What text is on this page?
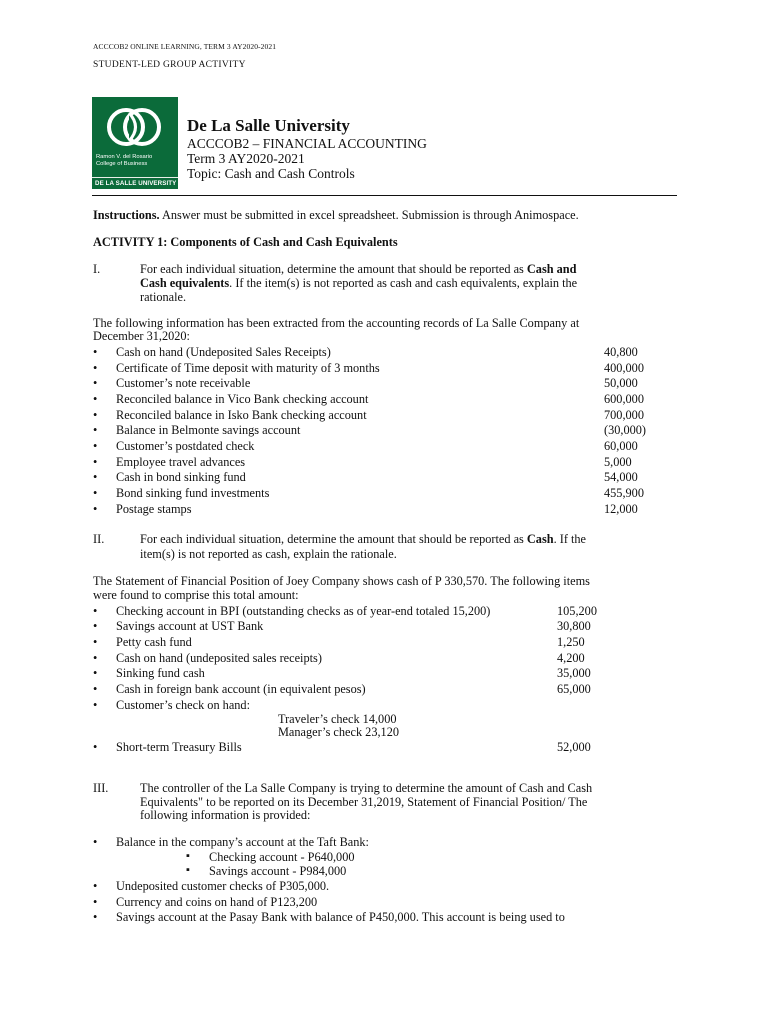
ACCCOB2 ONLINE LEARNING, TERM 3 AY2020-2021
STUDENT-LED GROUP ACTIVITY
Ramon V. del Rosario College of Business
DE LA SALLE UNIVERSITY
De La Salle University
ACCCOB2 – FINANCIAL ACCOUNTING
Term 3 AY2020-2021
Topic: Cash and Cash Controls
Instructions. Answer must be submitted in excel spreadsheet. Submission is through Animospace.
ACTIVITY 1: Components of Cash and Cash Equivalents
I.	For each individual situation, determine the amount that should be reported as Cash and
Cash equivalents. If the item(s) is not reported as cash and cash equivalents, explain the
rationale.
The following information has been extracted from the accounting records of La Salle Company at
December 31,2020:
• Cash on hand (Undeposited Sales Receipts)	40,800
• Certificate of Time deposit with maturity of 3 months	400,000
• Customer’s note receivable	50,000
• Reconciled balance in Vico Bank checking account	600,000
• Reconciled balance in Isko Bank checking account	700,000
• Balance in Belmonte savings account	(30,000)
• Customer’s postdated check	60,000
• Employee travel advances	5,000
• Cash in bond sinking fund	54,000
• Bond sinking fund investments	455,900
• Postage stamps	12,000
II.	For each individual situation, determine the amount that should be reported as Cash. If the
item(s) is not reported as cash, explain the rationale.
The Statement of Financial Position of Joey Company shows cash of P 330,570. The following items
were found to comprise this total amount:
• Checking account in BPI (outstanding checks as of year-end totaled 15,200)	105,200
• Savings account at UST Bank	30,800
• Petty cash fund	1,250
• Cash on hand (undeposited sales receipts)	4,200
• Sinking fund cash	35,000
• Cash in foreign bank account (in equivalent pesos)	65,000
• Customer’s check on hand:
Traveler’s check 14,000
Manager’s check 23,120
• Short-term Treasury Bills	52,000
III.	The controller of the La Salle Company is trying to determine the amount of Cash and Cash
Equivalents" to be reported on its December 31,2019, Statement of Financial Position/ The
following information is provided:
• Balance in the company’s account at the Taft Bank:
▪ Checking account - P640,000
▪ Savings account - P984,000
• Undeposited customer checks of P305,000.
• Currency and coins on hand of P123,200
• Savings account at the Pasay Bank with balance of P450,000. This account is being used to
